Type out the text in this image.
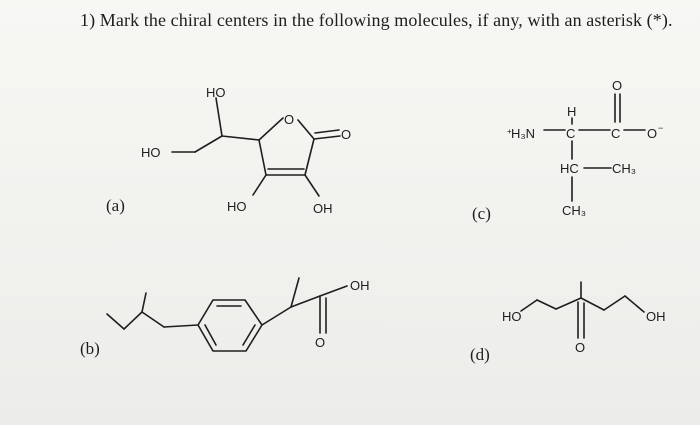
1) Mark the chiral centers in the following molecules, if any, with an asterisk (*).
(a)
(b)
(c)
(d)
HO
HO
HO	OH
O
O
OH
O
+ H₃N
H
C	C
O
O −
HC	CH₃
CH₃
HO	OH
O
